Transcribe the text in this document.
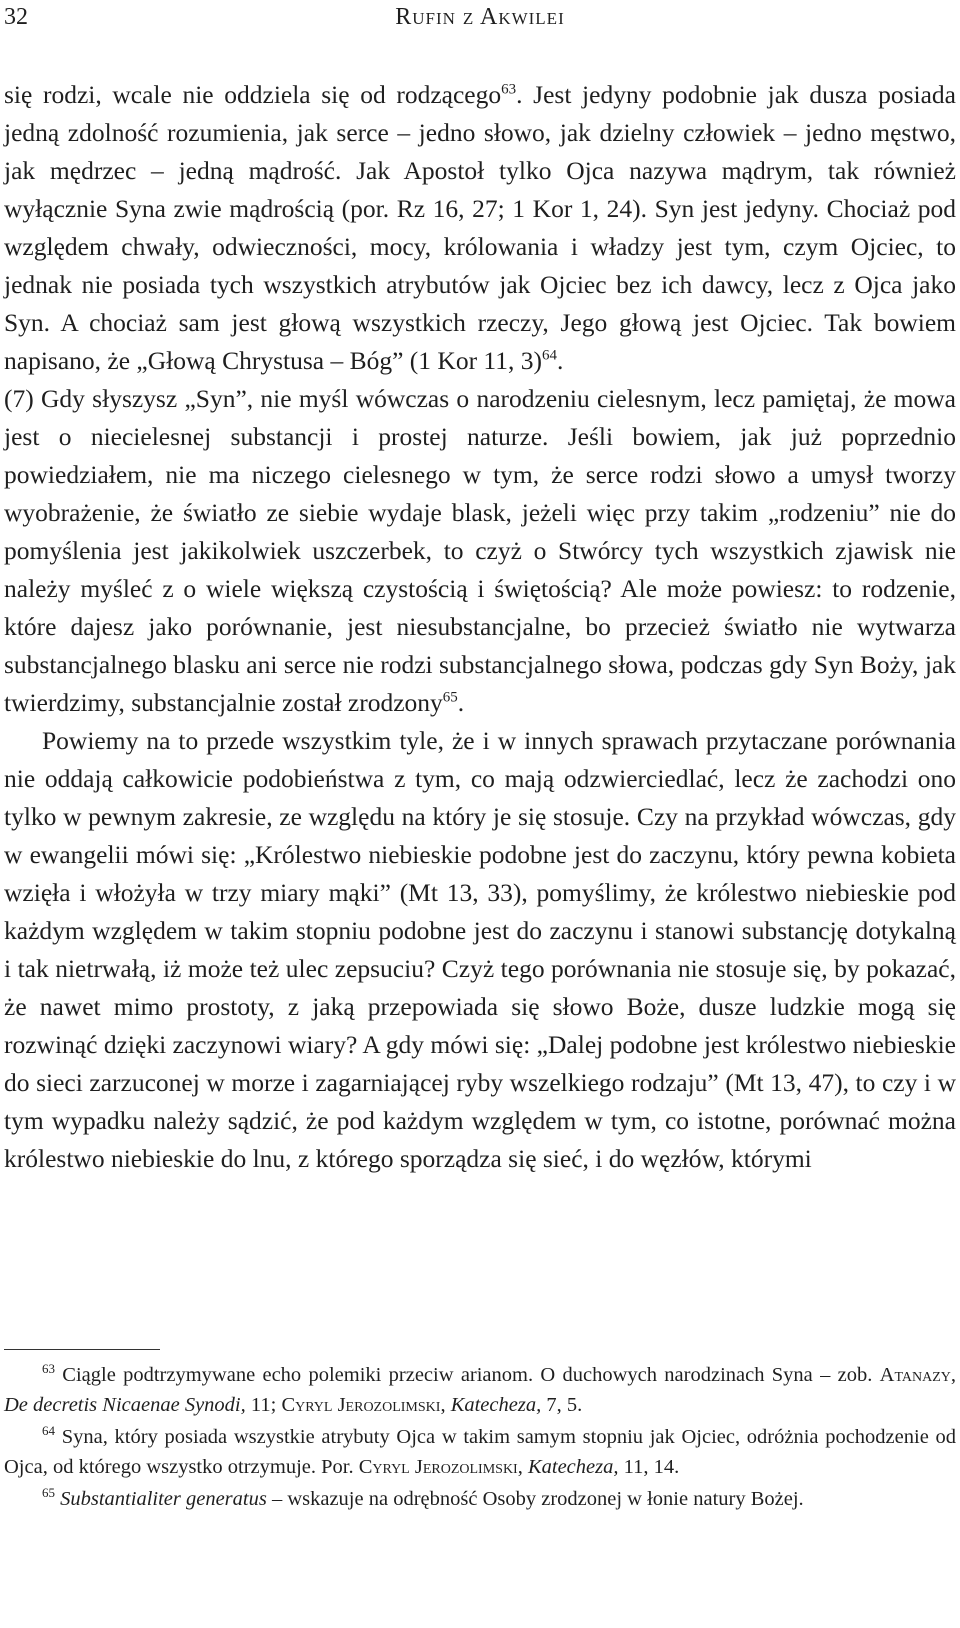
32	Rufin z Akwilei

się rodzi, wcale nie oddziela się od rodzącego$^{63}$. Jest jedyny podobnie jak dusza posiada jedną zdolność rozumienia, jak serce – jedno słowo, jak dzielny człowiek – jedno męstwo, jak mędrzec – jedną mądrość. Jak Apostoł tylko Ojca nazywa mądrym, tak również wyłącznie Syna zwie mądrością (por. Rz 16, 27; 1 Kor 1, 24). Syn jest jedyny. Chociaż pod względem chwały, odwieczności, mocy, królowania i władzy jest tym, czym Ojciec, to jednak nie posiada tych wszystkich atrybutów jak Ojciec bez ich dawcy, lecz z Ojca jako Syn. A chociaż sam jest głową wszystkich rzeczy, Jego głową jest Ojciec. Tak bowiem napisano, że „Głową Chrystusa – Bóg” (1 Kor 11, 3)$^{64}$.

(7) Gdy słyszysz „Syn”, nie myśl wówczas o narodzeniu cielesnym, lecz pamiętaj, że mowa jest o niecielesnej substancji i prostej naturze. Jeśli bowiem, jak już poprzednio powiedziałem, nie ma niczego cielesnego w tym, że serce rodzi słowo a umysł tworzy wyobrażenie, że światło ze siebie wydaje blask, jeżeli więc przy takim „rodzeniu” nie do pomyślenia jest jakikolwiek uszczerbek, to czyż o Stwórcy tych wszystkich zjawisk nie należy myśleć z o wiele większą czystością i świętością? Ale może powiesz: to rodzenie, które dajesz jako porównanie, jest niesubstancjalne, bo przecież światło nie wytwarza substancjalnego blasku ani serce nie rodzi substancjalnego słowa, podczas gdy Syn Boży, jak twierdzimy, substancjalnie został zrodzony$^{65}$.

Powiemy na to przede wszystkim tyle, że i w innych sprawach przytaczane porównania nie oddają całkowicie podobieństwa z tym, co mają odzwierciedlać, lecz że zachodzi ono tylko w pewnym zakresie, ze względu na który je się stosuje. Czy na przykład wówczas, gdy w ewangelii mówi się: „Królestwo niebieskie podobne jest do zaczynu, który pewna kobieta wzięła i włożyła w trzy miary mąki” (Mt 13, 33), pomyślimy, że królestwo niebieskie pod każdym względem w takim stopniu podobne jest do zaczynu i stanowi substancję dotykalną i tak nietrwałą, iż może też ulec zepsuciu? Czyż tego porównania nie stosuje się, by pokazać, że nawet mimo prostoty, z jaką przepowiada się słowo Boże, dusze ludzkie mogą się rozwinąć dzięki zaczynowi wiary? A gdy mówi się: „Dalej podobne jest królestwo niebieskie do sieci zarzuconej w morze i zagarniającej ryby wszelkiego rodzaju” (Mt 13, 47), to czy i w tym wypadku należy sądzić, że pod każdym względem w tym, co istotne, porównać można królestwo niebieskie do lnu, z którego sporządza się sieć, i do węzłów, którymi

$^{63}$ Ciągle podtrzymywane echo polemiki przeciw arianom. O duchowych narodzinach Syna – zob. Atanazy, De decretis Nicaenae Synodi, 11; Cyryl Jerozolimski, Katecheza, 7, 5.

$^{64}$ Syna, który posiada wszystkie atrybuty Ojca w takim samym stopniu jak Ojciec, odróżnia pochodzenie od Ojca, od którego wszystko otrzymuje. Por. Cyryl Jerozolimski, Katecheza, 11, 14.

$^{65}$ Substantialiter generatus – wskazuje na odrębność Osoby zrodzonej w łonie natury Bożej.
